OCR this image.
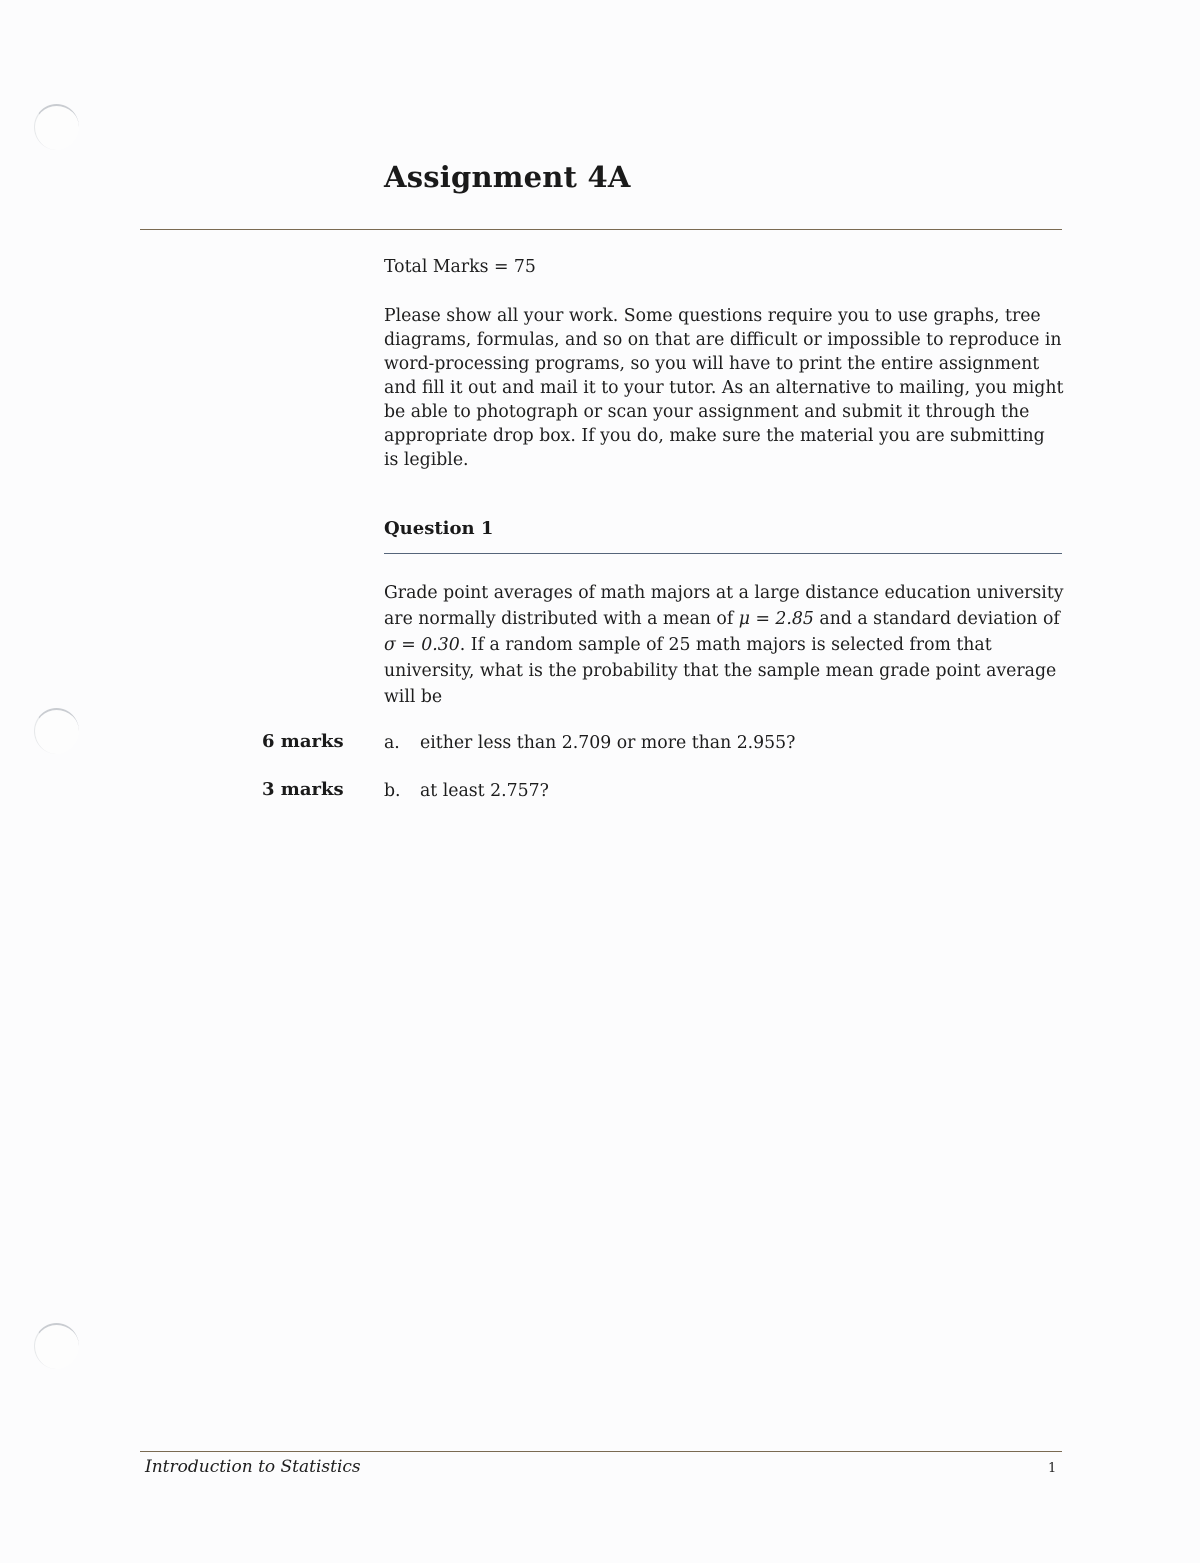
Assignment 4A
Total Marks = 75
Please show all your work. Some questions require you to use graphs, tree diagrams, formulas, and so on that are difficult or impossible to reproduce in word-processing programs, so you will have to print the entire assignment and fill it out and mail it to your tutor. As an alternative to mailing, you might be able to photograph or scan your assignment and submit it through the appropriate drop box. If you do, make sure the material you are submitting is legible.
Question 1
Grade point averages of math majors at a large distance education university are normally distributed with a mean of μ = 2.85 and a standard deviation of σ = 0.30. If a random sample of 25 math majors is selected from that university, what is the probability that the sample mean grade point average will be
6 marks a. either less than 2.709 or more than 2.955?
3 marks b. at least 2.757?
Introduction to Statistics	1
